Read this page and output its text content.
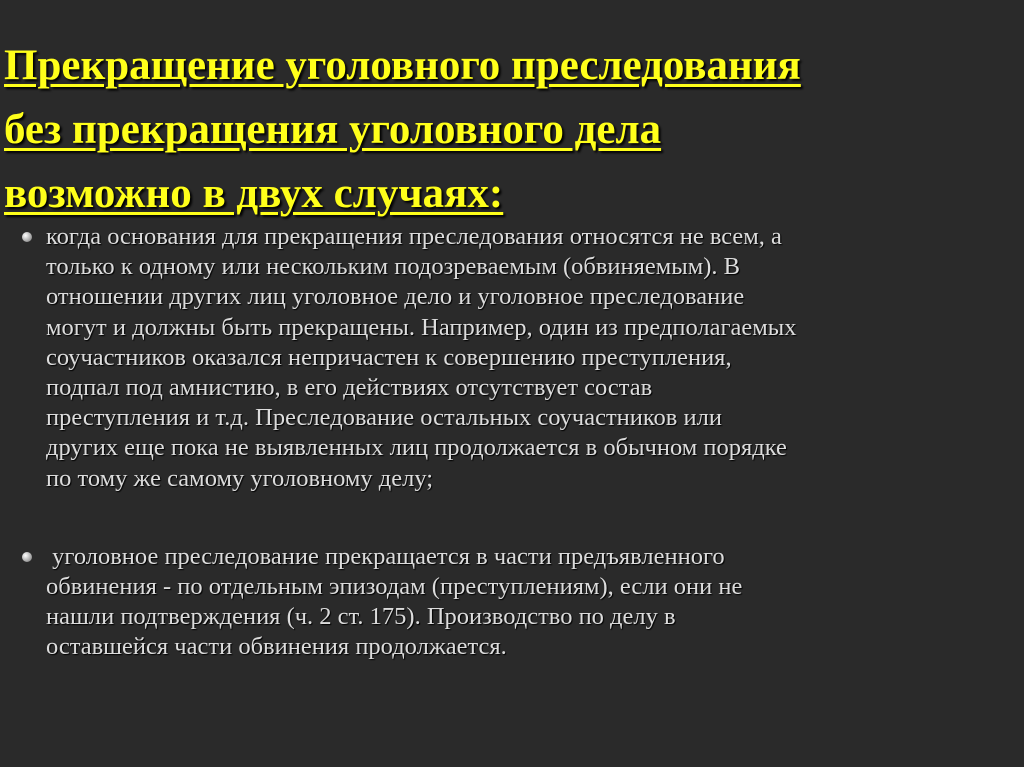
Прекращение уголовного преследования
без прекращения уголовного дела
возможно в двух случаях:
когда основания для прекращения преследования относятся не всем, а
только к одному или нескольким подозреваемым (обвиняемым). В
отношении других лиц уголовное дело и уголовное преследование
могут и должны быть прекращены. Например, один из предполагаемых
соучастников оказался непричастен к совершению преступления,
подпал под амнистию, в его действиях отсутствует состав
преступления и т.д. Преследование остальных соучастников или
других еще пока не выявленных лиц продолжается в обычном порядке
по тому же самому уголовному делу;
уголовное преследование прекращается в части предъявленного
обвинения - по отдельным эпизодам (преступлениям), если они не
нашли подтверждения (ч. 2 ст. 175). Производство по делу в
оставшейся части обвинения продолжается.
